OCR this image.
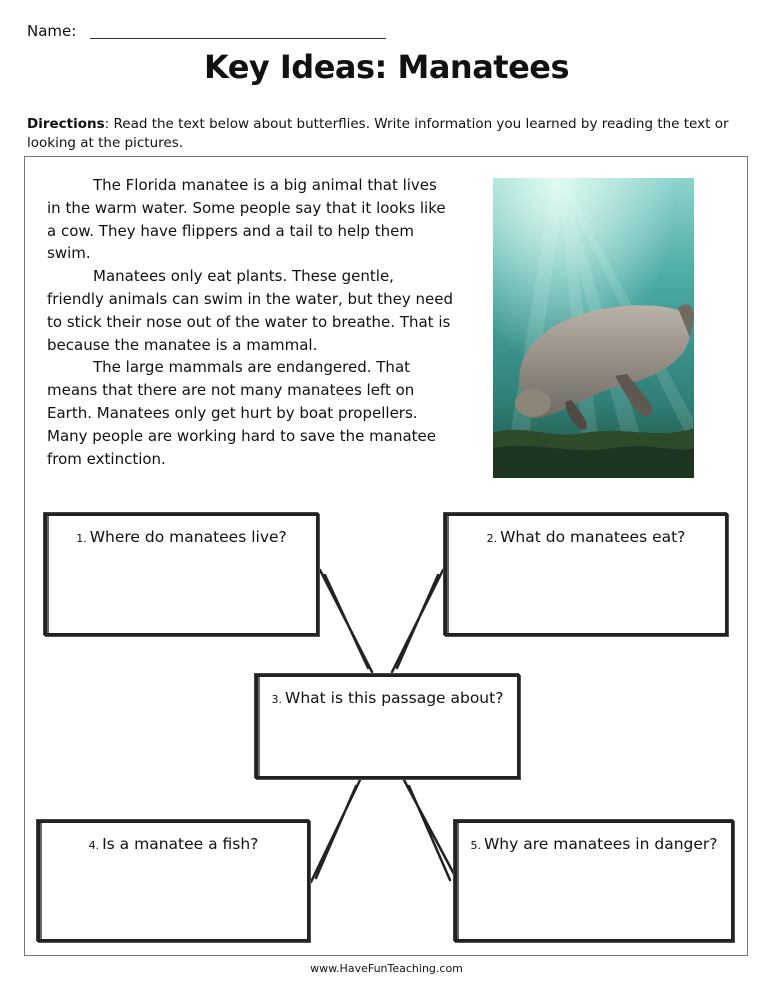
Name:
Key Ideas: Manatees
Directions: Read the text below about butterflies. Write information you learned by reading the text or looking at the pictures.

The Florida manatee is a big animal that lives in the warm water. Some people say that it looks like a cow. They have flippers and a tail to help them swim.

Manatees only eat plants. These gentle, friendly animals can swim in the water, but they need to stick their nose out of the water to breathe. That is because the manatee is a mammal.

The large mammals are endangered. That means that there are not many manatees left on Earth. Manatees only get hurt by boat propellers. Many people are working hard to save the manatee from extinction.

1. Where do manatees live?	2. What do manatees eat?
3. What is this passage about?
4. Is a manatee a fish?	5. Why are manatees in danger?
www.HaveFunTeaching.com
